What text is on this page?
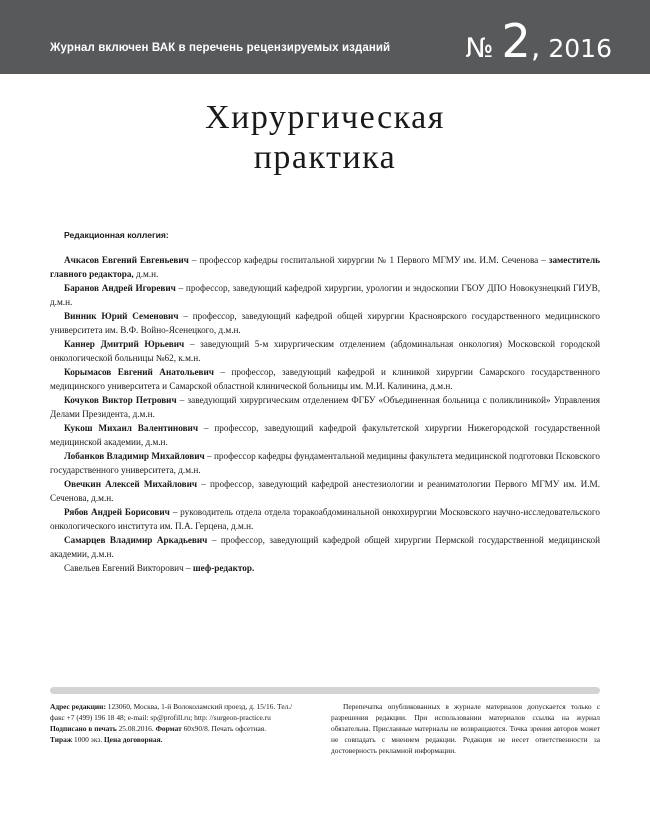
Журнал включен ВАК в перечень рецензируемых изданий	№ 2, 2016
Хирургическая
практика
Редакционная коллегия:

Ачкасов Евгений Евгеньевич – профессор кафедры госпитальной хирургии № 1 Первого МГМУ им. И.М. Сеченова – заместитель главного редактора, д.м.н.

Баранов Андрей Игоревич – профессор, заведующий кафедрой хирургии, урологии и эндоскопии ГБОУ ДПО Новокузнецкий ГИУВ, д.м.н.

Винник Юрий Семенович – профессор, заведующий кафедрой общей хирургии Красноярского государственного медицинского университета им. В.Ф. Войно-Ясенецкого, д.м.н.

Каннер Дмитрий Юрьевич – заведующий 5-м хирургическим отделением (абдоминальная онкология) Московской городской онкологической больницы №62, к.м.н.

Корымасов Евгений Анатольевич – профессор, заведующий кафедрой и клиникой хирургии Самарского государственного медицинского университета и Самарской областной клинической больницы им. М.И. Калинина, д.м.н.

Кочуков Виктор Петрович – заведующий хирургическим отделением ФГБУ «Объединенная больница с поликлиникой» Управления Делами Президента, д.м.н.

Кукош Михаил Валентинович – профессор, заведующий кафедрой факультетской хирургии Нижегородской государственной медицинской академии, д.м.н.

Лобанков Владимир Михайлович – профессор кафедры фундаментальной медицины факультета медицинской подготовки Псковского государственного университета, д.м.н.

Овечкин Алексей Михайлович – профессор, заведующий кафедрой анестезиологии и реаниматологии Первого МГМУ им. И.М. Сеченова, д.м.н.

Рябов Андрей Борисович – руководитель отдела отдела торакоабдоминальной онкохирургии Московского научно-исследовательского онкологического института им. П.А. Герцена, д.м.н.

Самарцев Владимир Аркадьевич – профессор, заведующий кафедрой общей хирургии Пермской государственной медицинской академии, д.м.н.

Савельев Евгений Викторович – шеф-редактор.

Адрес редакции: 123060, Москва, 1-й Волоколамский проезд, д. 15/16. Тел./факс +7 (499) 196 18 48; e-mail: sp@profill.ru; http: //surgeon-practice.ru

Подписано в печать 25.08.2016. Формат 60х90/8. Печать офсетная.

Тираж 1000 экз. Цена договорная.

Перепечатка опубликованных в журнале материалов допускается только с разрешения редакции. При использовании материалов ссылка на журнал обязательна. Присланные материалы не возвращаются. Точка зрения авторов может не совпадать с мнением редакции. Редакция не несет ответственности за достоверность рекламной информации.
